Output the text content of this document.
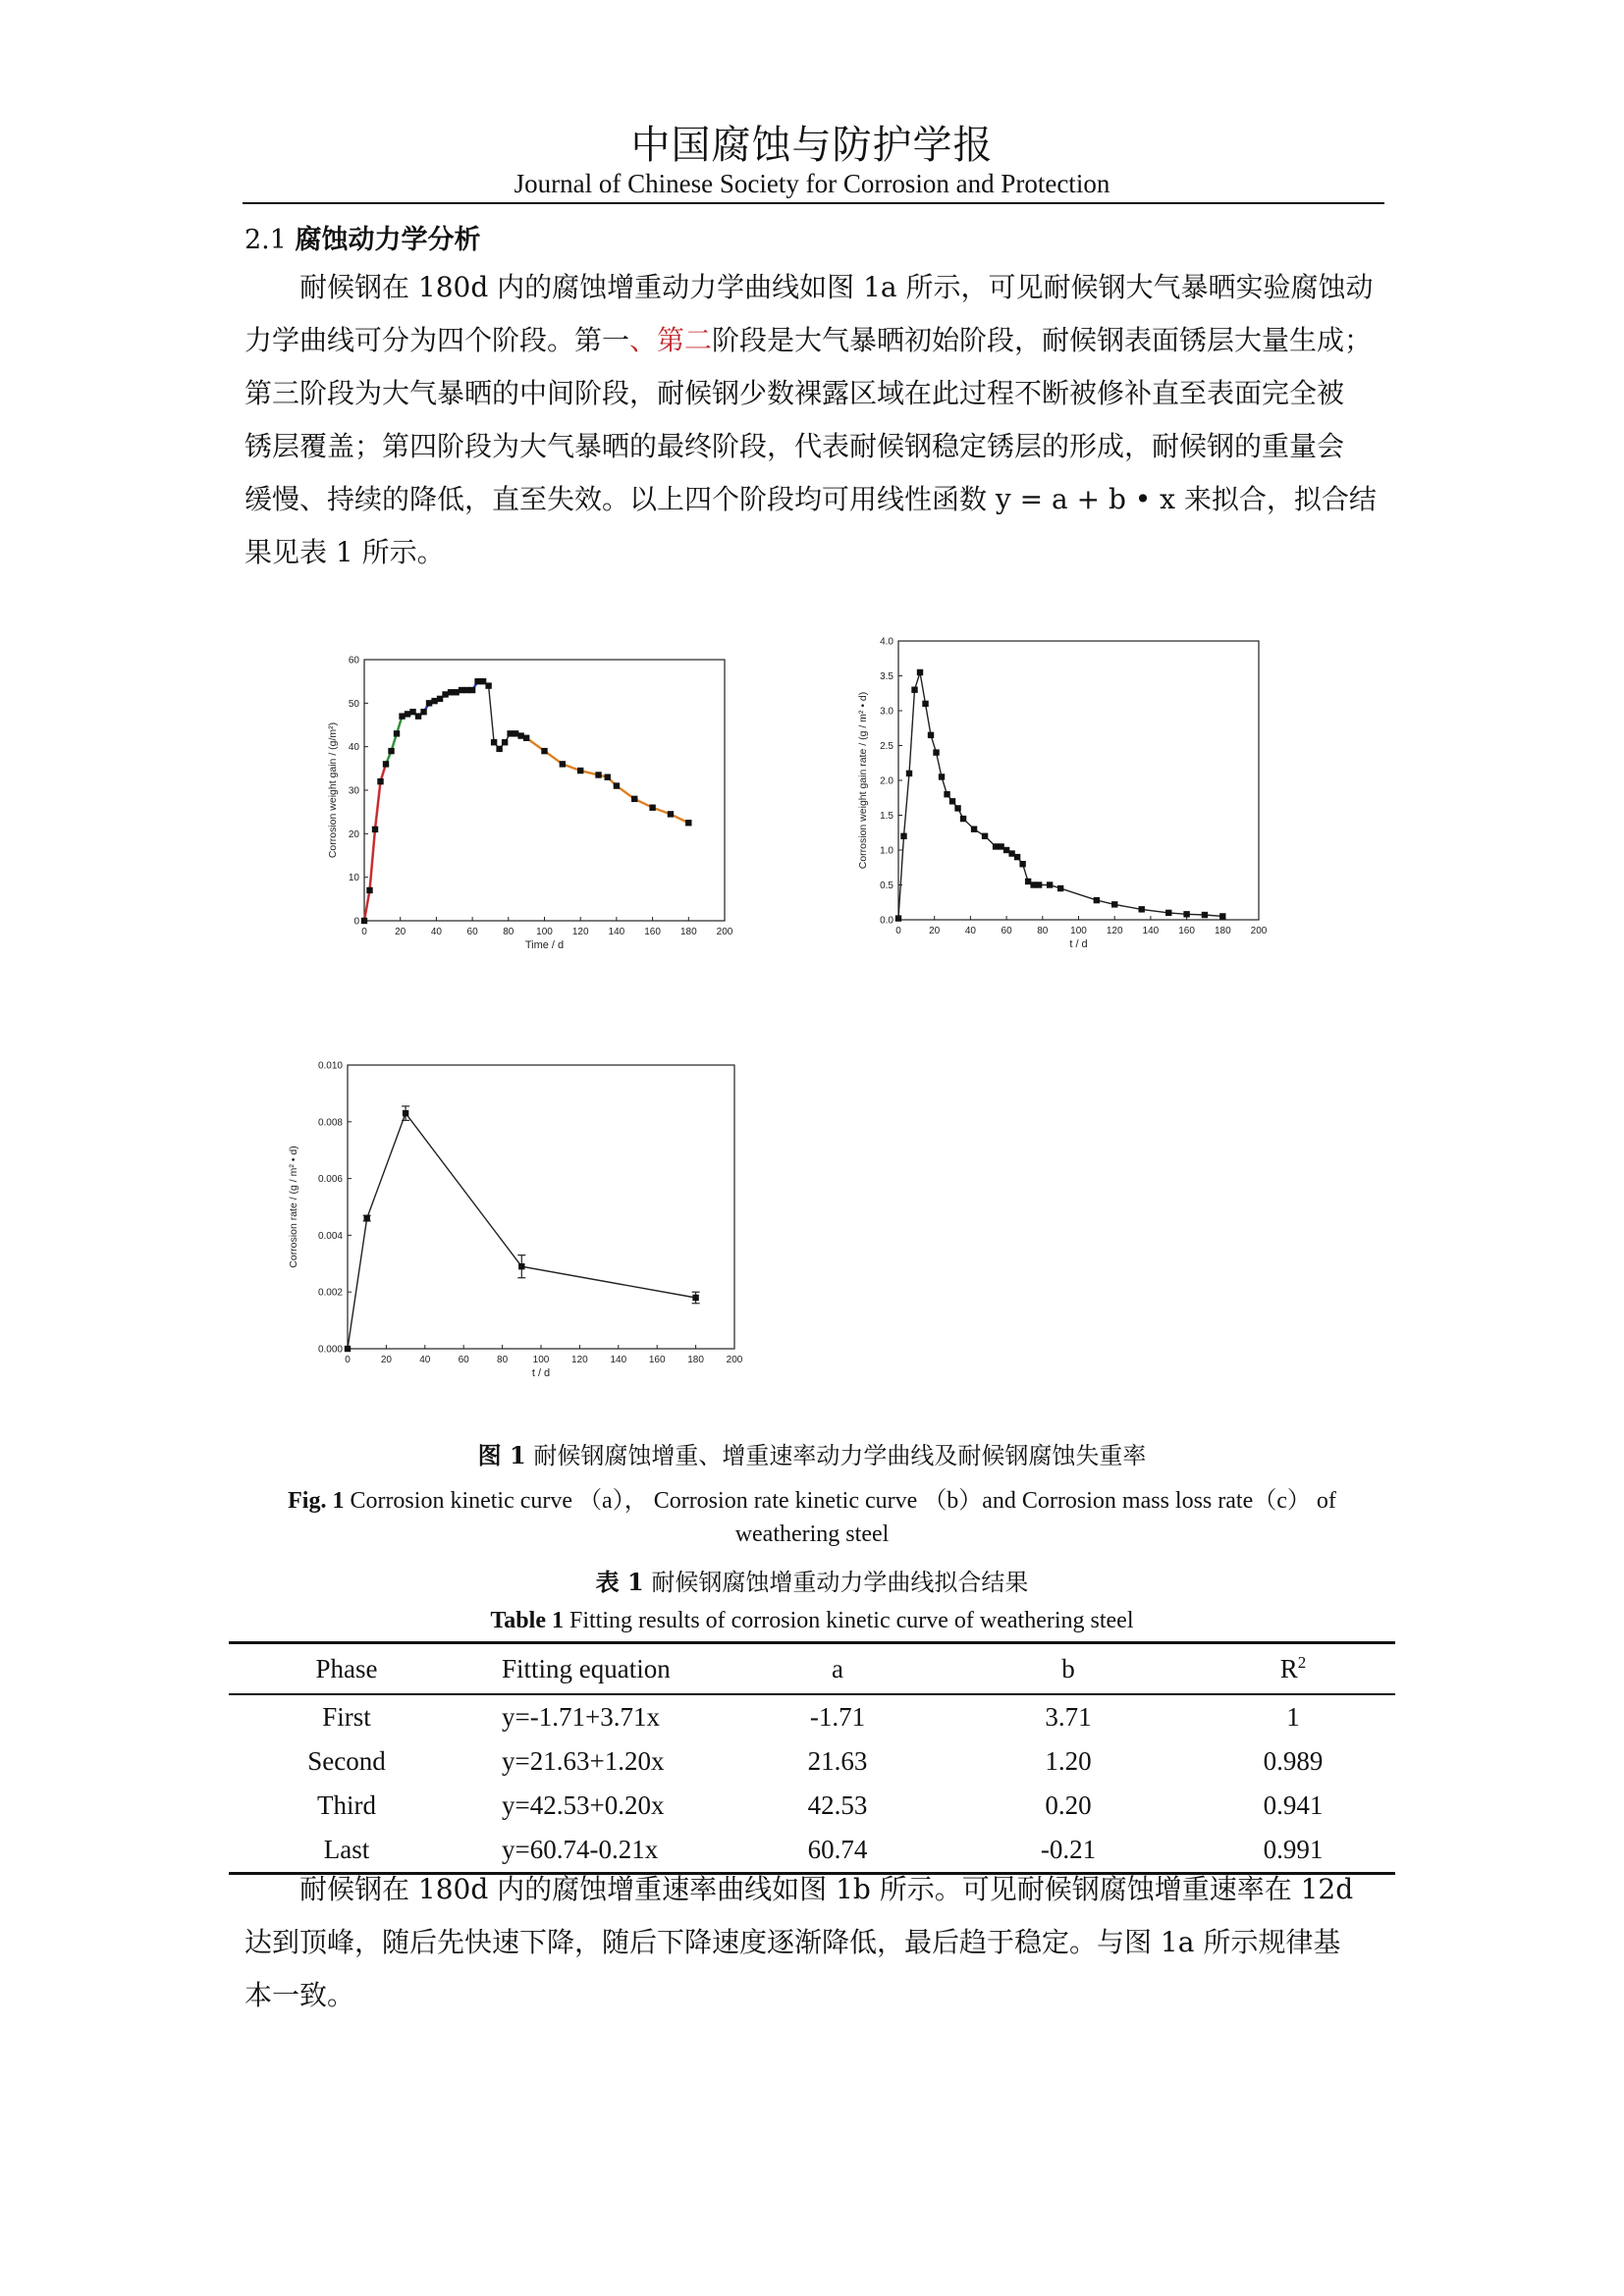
中国腐蚀与防护学报
Journal of Chinese Society for Corrosion and Protection
2.1 腐蚀动力学分析
耐候钢在 180d 内的腐蚀增重动力学曲线如图 1a 所示，可见耐候钢大气暴晒实验腐蚀动
力学曲线可分为四个阶段。第一、第二阶段是大气暴晒初始阶段，耐候钢表面锈层大量生成；
第三阶段为大气暴晒的中间阶段，耐候钢少数裸露区域在此过程不断被修补直至表面完全被
锈层覆盖；第四阶段为大气暴晒的最终阶段，代表耐候钢稳定锈层的形成，耐候钢的重量会
缓慢、持续的降低，直至失效。以上四个阶段均可用线性函数 y = a + b • x 来拟合，拟合结
果见表 1 所示。
0	20	40	60	80 100 120 140 160 180 200
0
10
20
30
40
50
60
Time / d
Corrosion weight gain / (g/m²)
0	20	40	60	80 100 120 140 160 180 200
0.0
0.5
1.0
1.5
2.0
2.5
3.0
3.5
4.0
t / d
Corrosion weight gain rate / (g / m² • d)
0	20	40	60	80	100 120 140 160 180 200
0.000
0.002
0.004
0.006
0.008
0.010
t / d
Corrosion rate / (g / m² • d)
图 1 耐候钢腐蚀增重、增重速率动力学曲线及耐候钢腐蚀失重率
Fig. 1 Corrosion kinetic curve （a）， Corrosion rate kinetic curve （b）and Corrosion mass loss rate（c） of
weathering steel
表 1 耐候钢腐蚀增重动力学曲线拟合结果
Table 1 Fitting results of corrosion kinetic curve of weathering steel
Phase	Fitting equation	a	b	$R^2$
First	y=-1.71+3.71x	-1.71	3.71	1
Second	y=21.63+1.20x	21.63	1.20	0.989
Third	y=42.53+0.20x	42.53	0.20	0.941
Last	y=60.74-0.21x	60.74	-0.21	0.991
耐候钢在 180d 内的腐蚀增重速率曲线如图 1b 所示。可见耐候钢腐蚀增重速率在 12d
达到顶峰，随后先快速下降，随后下降速度逐渐降低，最后趋于稳定。与图 1a 所示规律基
本一致。
